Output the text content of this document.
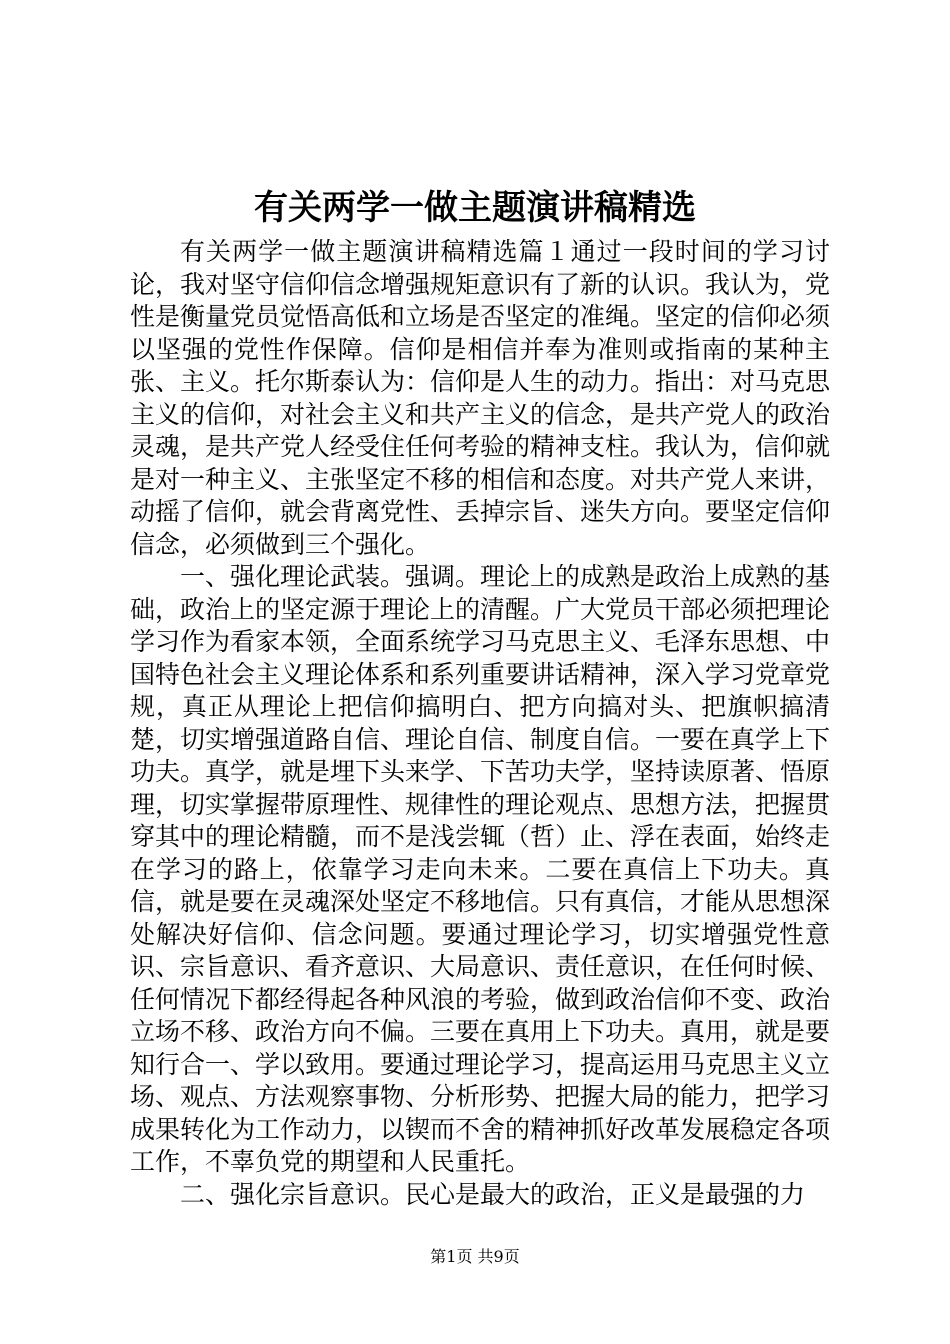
有关两学一做主题演讲稿精选

有关两学一做主题演讲稿精选篇１通过一段时间的学习讨论，我对坚守信仰信念增强规矩意识有了新的认识。我认为，党性是衡量党员觉悟高低和立场是否坚定的准绳。坚定的信仰必须以坚强的党性作保障。信仰是相信并奉为准则或指南的某种主张、主义。托尔斯泰认为：信仰是人生的动力。指出：对马克思主义的信仰，对社会主义和共产主义的信念，是共产党人的政治灵魂，是共产党人经受住任何考验的精神支柱。我认为，信仰就是对一种主义、主张坚定不移的相信和态度。对共产党人来讲，动摇了信仰，就会背离党性、丢掉宗旨、迷失方向。要坚定信仰信念，必须做到三个强化。

一、强化理论武装。强调。理论上的成熟是政治上成熟的基础，政治上的坚定源于理论上的清醒。广大党员干部必须把理论学习作为看家本领，全面系统学习马克思主义、毛泽东思想、中国特色社会主义理论体系和系列重要讲话精神，深入学习党章党规，真正从理论上把信仰搞明白、把方向搞对头、把旗帜搞清楚，切实增强道路自信、理论自信、制度自信。一要在真学上下功夫。真学，就是埋下头来学、下苦功夫学，坚持读原著、悟原理，切实掌握带原理性、规律性的理论观点、思想方法，把握贯穿其中的理论精髓，而不是浅尝辄（哲）止、浮在表面，始终走在学习的路上，依靠学习走向未来。二要在真信上下功夫。真信，就是要在灵魂深处坚定不移地信。只有真信，才能从思想深处解决好信仰、信念问题。要通过理论学习，切实增强党性意识、宗旨意识、看齐意识、大局意识、责任意识，在任何时候、任何情况下都经得起各种风浪的考验，做到政治信仰不变、政治立场不移、政治方向不偏。三要在真用上下功夫。真用，就是要知行合一、学以致用。要通过理论学习，提高运用马克思主义立场、观点、方法观察事物、分析形势、把握大局的能力，把学习成果转化为工作动力，以锲而不舍的精神抓好改革发展稳定各项工作，不辜负党的期望和人民重托。

二、强化宗旨意识。民心是最大的政治，正义是最强的力

第1页 共9页
